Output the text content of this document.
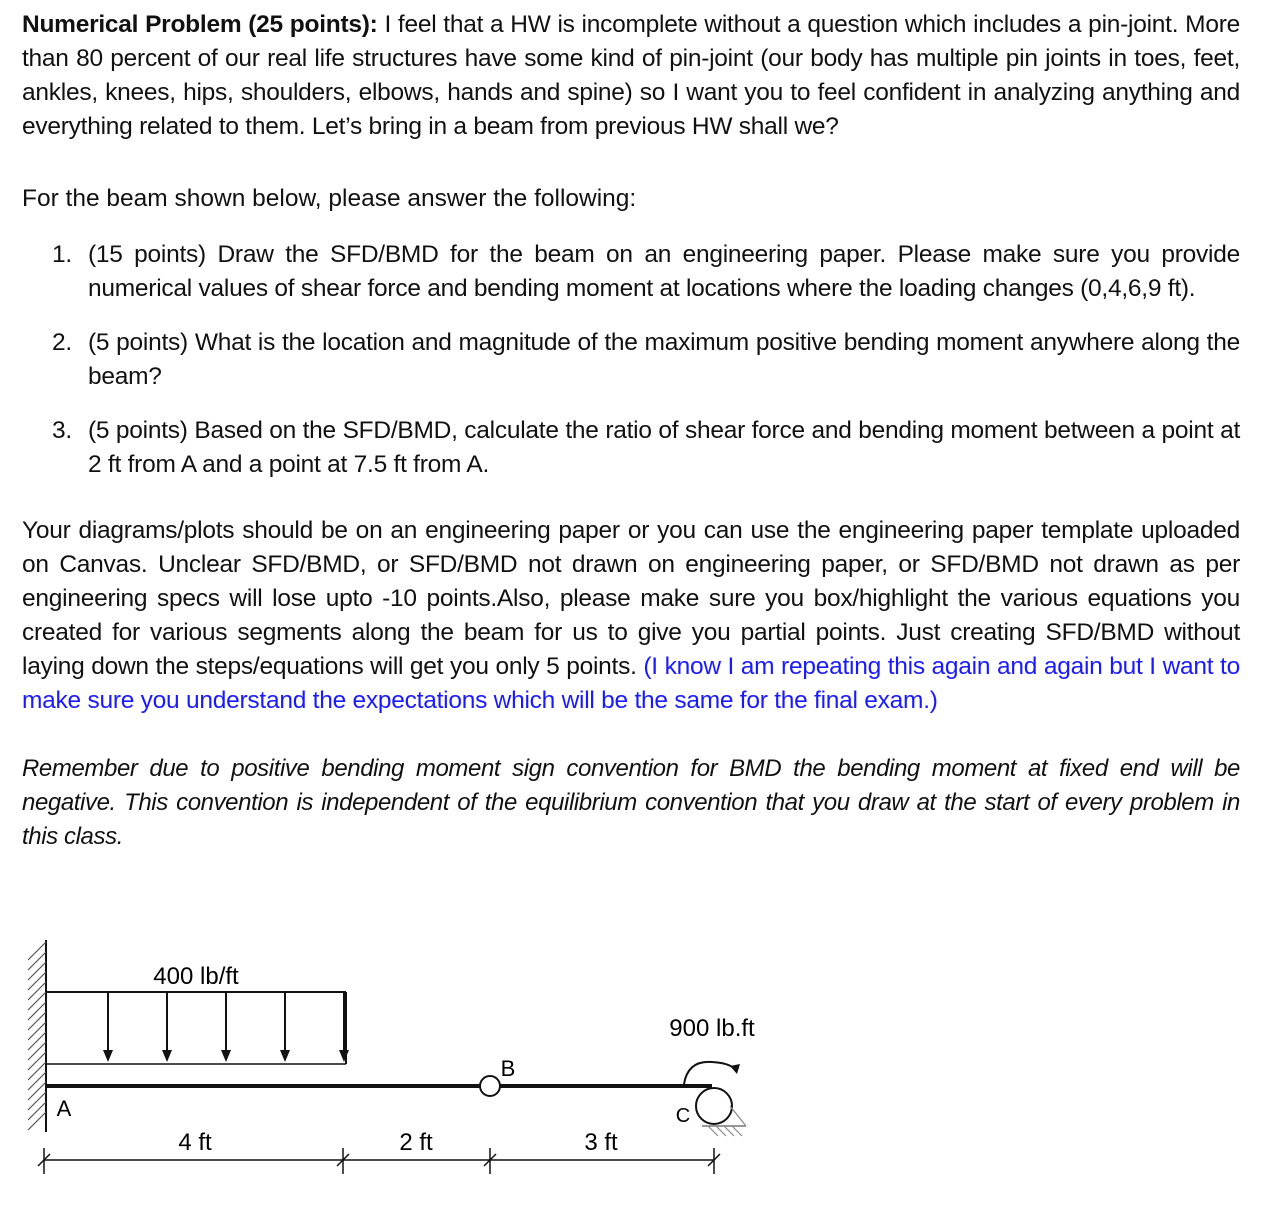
Numerical Problem (25 points): I feel that a HW is incomplete without a question which includes a pin-joint. More than 80 percent of our real life structures have some kind of pin-joint (our body has multiple pin joints in toes, feet, ankles, knees, hips, shoulders, elbows, hands and spine) so I want you to feel confident in analyzing anything and everything related to them. Let’s bring in a beam from previous HW shall we?

For the beam shown below, please answer the following:

1. (15 points) Draw the SFD/BMD for the beam on an engineering paper. Please make sure you provide numerical values of shear force and bending moment at locations where the loading changes (0,4,6,9 ft).
2. (5 points) What is the location and magnitude of the maximum positive bending moment anywhere along the beam?
3. (5 points) Based on the SFD/BMD, calculate the ratio of shear force and bending moment between a point at 2 ft from A and a point at 7.5 ft from A.

Your diagrams/plots should be on an engineering paper or you can use the engineering paper template uploaded on Canvas. Unclear SFD/BMD, or SFD/BMD not drawn on engineering paper, or SFD/BMD not drawn as per engineering specs will lose upto -10 points.Also, please make sure you box/highlight the various equations you created for various segments along the beam for us to give you partial points. Just creating SFD/BMD without laying down the steps/equations will get you only 5 points. (I know I am repeating this again and again but I want to make sure you understand the expectations which will be the same for the final exam.)

Remember due to positive bending moment sign convention for BMD the bending moment at fixed end will be negative. This convention is independent of the equilibrium convention that you draw at the start of every problem in this class.

400 lb/ft
B
A	C
900 lb.ft
4 ft	2 ft	3 ft
